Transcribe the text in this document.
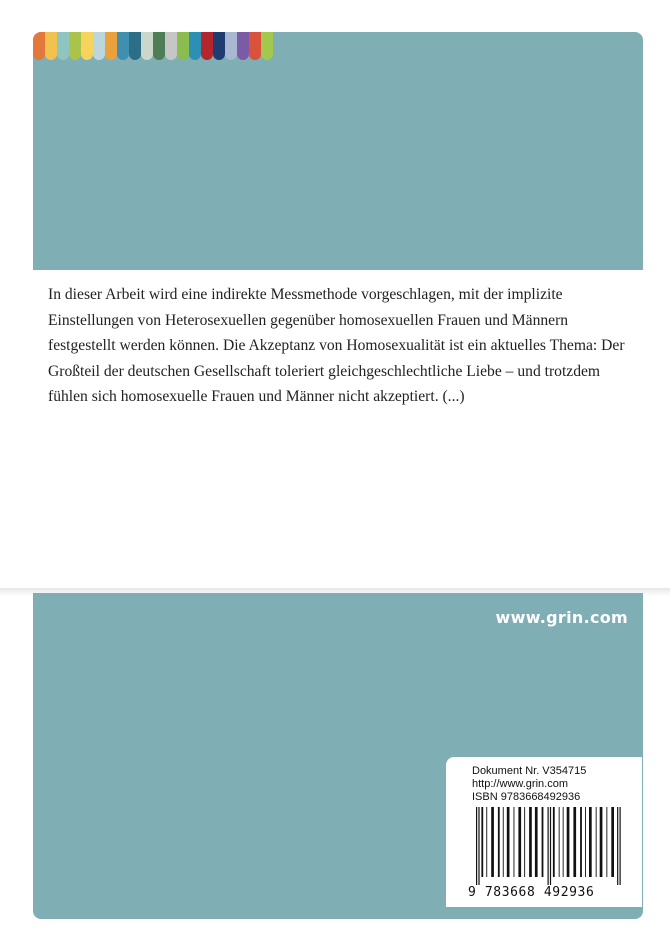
In dieser Arbeit wird eine indirekte Messmethode vorgeschlagen, mit der implizite Einstellungen von Heterosexuellen gegenüber homosexuellen Frauen und Männern festgestellt werden können. Die Akzeptanz von Homosexualität ist ein aktuelles Thema: Der Großteil der deutschen Gesellschaft toleriert gleichgeschlechtliche Liebe – und trotzdem fühlen sich homosexuelle Frauen und Männer nicht akzeptiert. (...)

www.grin.com
Dokument Nr. V354715
http://www.grin.com
ISBN 9783668492936
9 783668 492936
